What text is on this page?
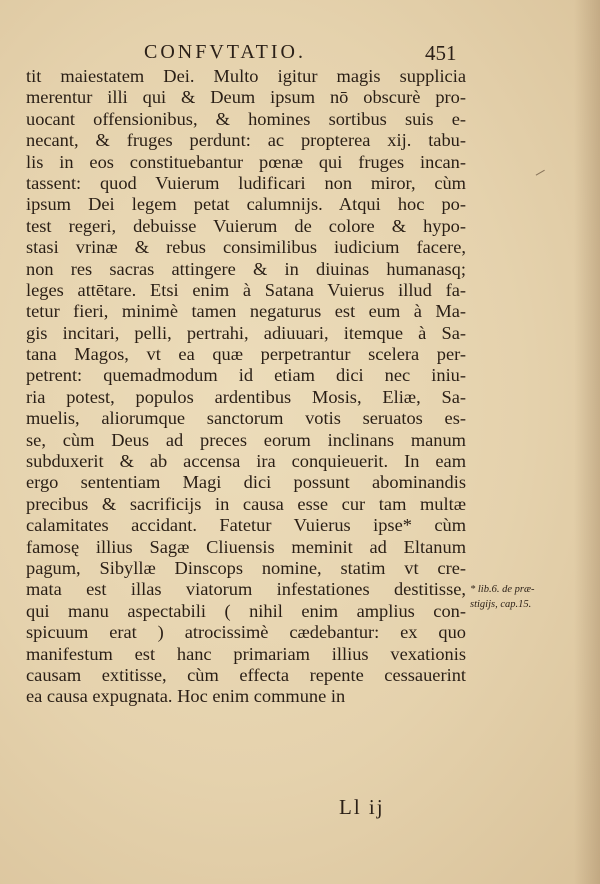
CONFVTATIO.	451
tit maiestatem Dei. Multo igitur magis supplicia
merentur illi qui & Deum ipsum nō obscurè pro-
uocant offensionibus, & homines sortibus suis e-
necant, & fruges perdunt: ac propterea xij. tabu-
lis in eos constituebantur pœnæ qui fruges incan-
tassent: quod Vuierum ludificari non miror, cùm
ipsum Dei legem petat calumnijs. Atqui hoc po-
test regeri, debuisse Vuierum de colore & hypo-
stasi vrinæ & rebus consimilibus iudicium facere,
non res sacras attingere & in diuinas humanasq;
leges attētare. Etsi enim à Satana Vuierus illud fa-
tetur fieri, minimè tamen negaturus est eum à Ma-
gis incitari, pelli, pertrahi, adiuuari, itemque à Sa-
tana Magos, vt ea quæ perpetrantur scelera per-
petrent: quemadmodum id etiam dici nec iniu-
ria potest, populos ardentibus Mosis, Eliæ, Sa-
muelis, aliorumque sanctorum votis seruatos es-
se, cùm Deus ad preces eorum inclinans manum
subduxerit & ab accensa ira conquieuerit. In eam
ergo sententiam Magi dici possunt abominandis
precibus & sacrificijs in causa esse cur tam multæ
calamitates accidant. Fatetur Vuierus ipse* cùm
famosę illius Sagæ Cliuensis meminit ad Eltanum
pagum, Sibyllæ Dinscops nomine, statim vt cre-
mata est illas viatorum infestationes destitisse,
qui manu aspectabili ( nihil enim amplius con-
spicuum erat ) atrocissimè cædebantur: ex quo
manifestum est hanc primariam illius vexationis
causam extitisse, cùm effecta repente cessauerint
ea causa expugnata. Hoc enim commune in
* lib.6. de præ-
stigijs, cap.15.
Ll ij
